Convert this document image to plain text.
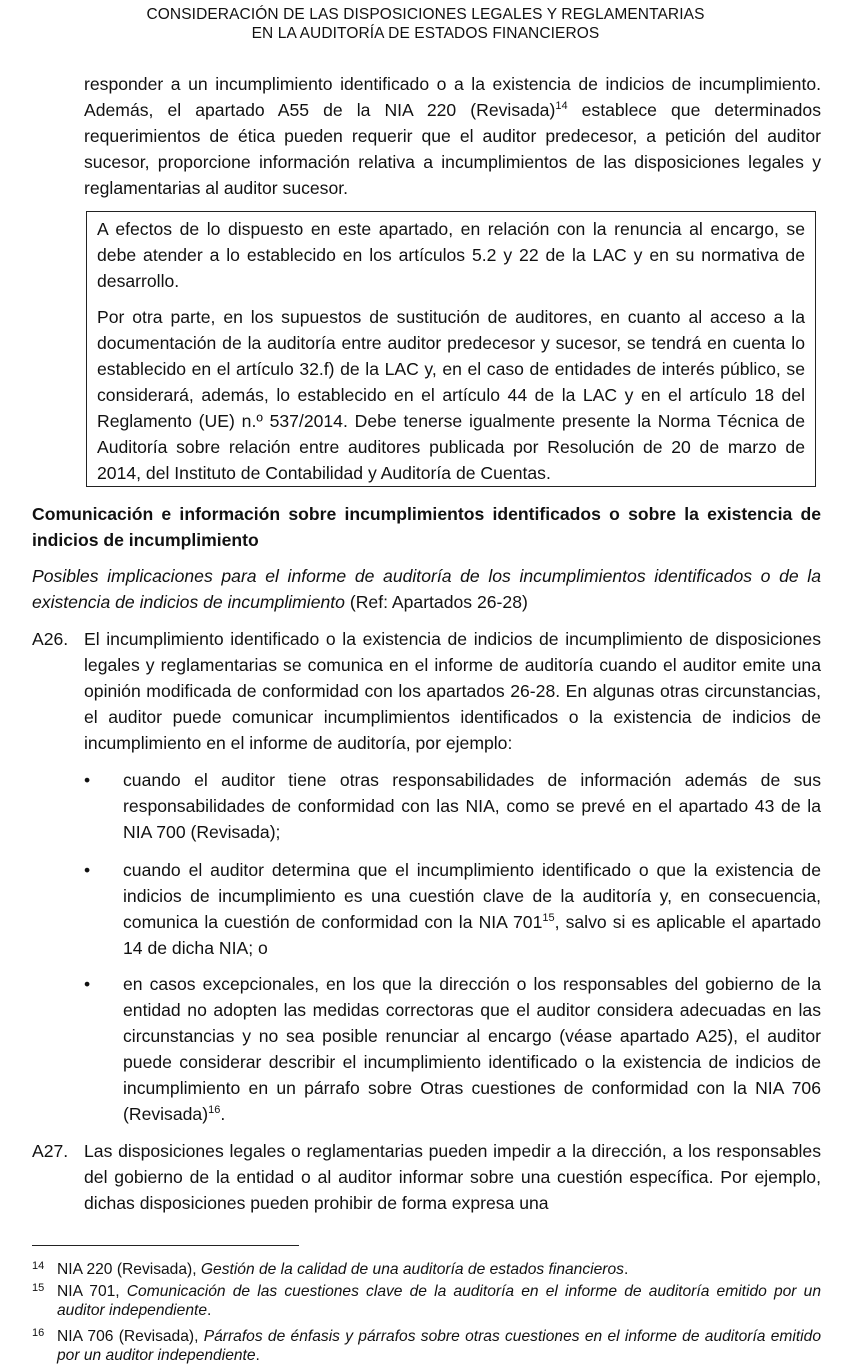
CONSIDERACIÓN DE LAS DISPOSICIONES LEGALES Y REGLAMENTARIAS
EN LA AUDITORÍA DE ESTADOS FINANCIEROS
responder a un incumplimiento identificado o a la existencia de indicios de incumplimiento. Además, el apartado A55 de la NIA 220 (Revisada)$^{14}$ establece que determinados requerimientos de ética pueden requerir que el auditor predecesor, a petición del auditor sucesor, proporcione información relativa a incumplimientos de las disposiciones legales y reglamentarias al auditor sucesor.

A efectos de lo dispuesto en este apartado, en relación con la renuncia al encargo, se debe atender a lo establecido en los artículos 5.2 y 22 de la LAC y en su normativa de desarrollo.

Por otra parte, en los supuestos de sustitución de auditores, en cuanto al acceso a la documentación de la auditoría entre auditor predecesor y sucesor, se tendrá en cuenta lo establecido en el artículo 32.f) de la LAC y, en el caso de entidades de interés público, se considerará, además, lo establecido en el artículo 44 de la LAC y en el artículo 18 del Reglamento (UE) n.º 537/2014. Debe tenerse igualmente presente la Norma Técnica de Auditoría sobre relación entre auditores publicada por Resolución de 20 de marzo de 2014, del Instituto de Contabilidad y Auditoría de Cuentas.

Comunicación e información sobre incumplimientos identificados o sobre la existencia de indicios de incumplimiento
Posibles implicaciones para el informe de auditoría de los incumplimientos identificados o de la existencia de indicios de incumplimiento (Ref: Apartados 26-28)
A26. El incumplimiento identificado o la existencia de indicios de incumplimiento de disposiciones legales y reglamentarias se comunica en el informe de auditoría cuando el auditor emite una opinión modificada de conformidad con los apartados 26-28. En algunas otras circunstancias, el auditor puede comunicar incumplimientos identificados o la existencia de indicios de incumplimiento en el informe de auditoría, por ejemplo:
•	cuando el auditor tiene otras responsabilidades de información además de sus responsabilidades de conformidad con las NIA, como se prevé en el apartado 43 de la NIA 700 (Revisada);
•	cuando el auditor determina que el incumplimiento identificado o que la existencia de indicios de incumplimiento es una cuestión clave de la auditoría y, en consecuencia, comunica la cuestión de conformidad con la NIA $701^{15}$, salvo si es aplicable el apartado 14 de dicha NIA; o
•	en casos excepcionales, en los que la dirección o los responsables del gobierno de la entidad no adopten las medidas correctoras que el auditor considera adecuadas en las circunstancias y no sea posible renunciar al encargo (véase apartado A25), el auditor puede considerar describir el incumplimiento identificado o la existencia de indicios de incumplimiento en un párrafo sobre Otras cuestiones de conformidad con la NIA 706 (Revisada)$^{16}$.
A27. Las disposiciones legales o reglamentarias pueden impedir a la dirección, a los responsables del gobierno de la entidad o al auditor informar sobre una cuestión específica. Por ejemplo, dichas disposiciones pueden prohibir de forma expresa una
14 NIA 220 (Revisada), Gestión de la calidad de una auditoría de estados financieros.
15 NIA 701, Comunicación de las cuestiones clave de la auditoría en el informe de auditoría emitido por un auditor independiente.
16 NIA 706 (Revisada), Párrafos de énfasis y párrafos sobre otras cuestiones en el informe de auditoría emitido por un auditor independiente.
